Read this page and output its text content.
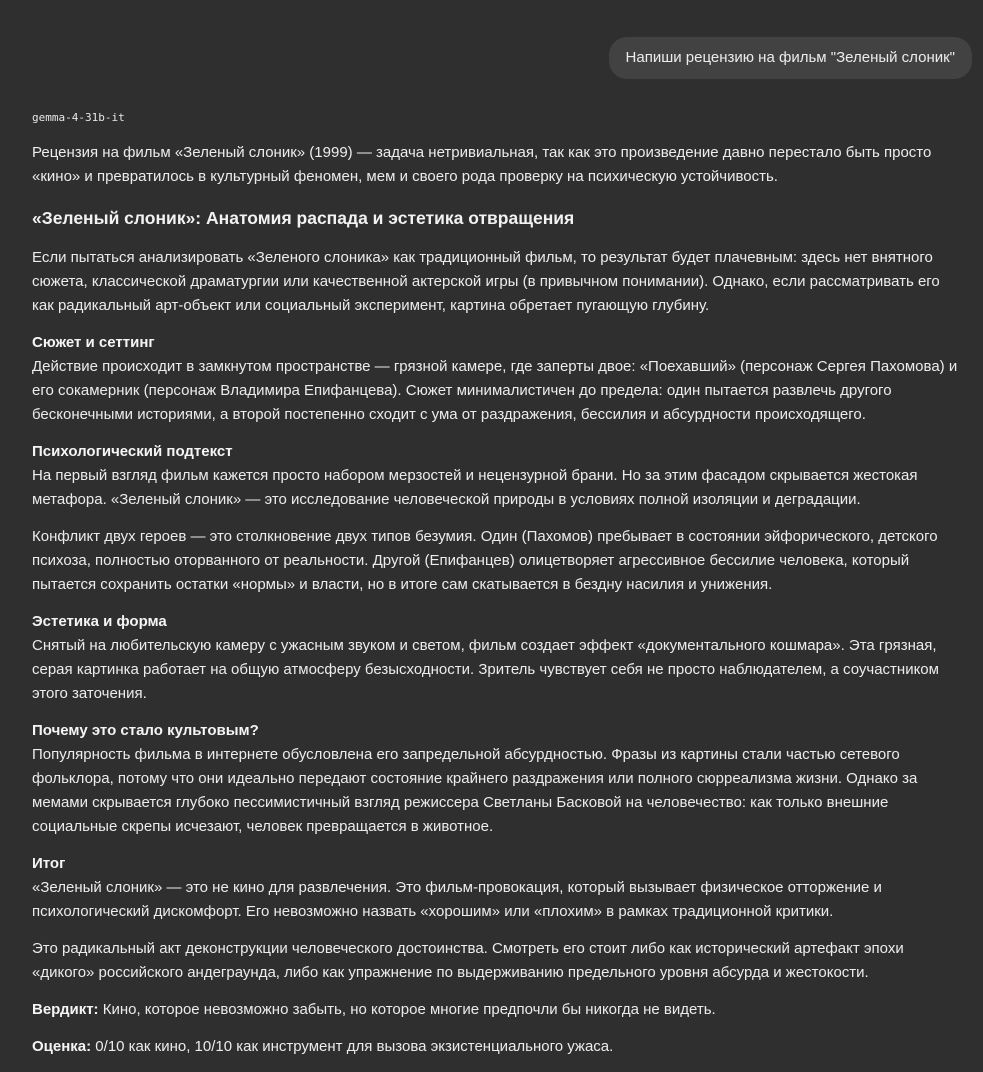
Напиши рецензию на фильм "Зеленый слоник"
gemma-4-31b-it

Рецензия на фильм «Зеленый слоник» (1999) — задача нетривиальная, так как это произведение давно перестало быть просто «кино» и превратилось в культурный феномен, мем и своего рода проверку на психическую устойчивость.

«Зеленый слоник»: Анатомия распада и эстетика отвращения

Если пытаться анализировать «Зеленого слоника» как традиционный фильм, то результат будет плачевным: здесь нет внятного сюжета, классической драматургии или качественной актерской игры (в привычном понимании). Однако, если рассматривать его как радикальный арт-объект или социальный эксперимент, картина обретает пугающую глубину.

Сюжет и сеттинг
Действие происходит в замкнутом пространстве — грязной камере, где заперты двое: «Поехавший» (персонаж Сергея Пахомова) и его сокамерник (персонаж Владимира Епифанцева). Сюжет минималистичен до предела: один пытается развлечь другого бесконечными историями, а второй постепенно сходит с ума от раздражения, бессилия и абсурдности происходящего.

Психологический подтекст
На первый взгляд фильм кажется просто набором мерзостей и нецензурной брани. Но за этим фасадом скрывается жестокая метафора. «Зеленый слоник» — это исследование человеческой природы в условиях полной изоляции и деградации.

Конфликт двух героев — это столкновение двух типов безумия. Один (Пахомов) пребывает в состоянии эйфорического, детского психоза, полностью оторванного от реальности. Другой (Епифанцев) олицетворяет агрессивное бессилие человека, который пытается сохранить остатки «нормы» и власти, но в итоге сам скатывается в бездну насилия и унижения.

Эстетика и форма
Снятый на любительскую камеру с ужасным звуком и светом, фильм создает эффект «документального кошмара». Эта грязная, серая картинка работает на общую атмосферу безысходности. Зритель чувствует себя не просто наблюдателем, а соучастником этого заточения.

Почему это стало культовым?
Популярность фильма в интернете обусловлена его запредельной абсурдностью. Фразы из картины стали частью сетевого фольклора, потому что они идеально передают состояние крайнего раздражения или полного сюрреализма жизни. Однако за мемами скрывается глубоко пессимистичный взгляд режиссера Светланы Басковой на человечество: как только внешние социальные скрепы исчезают, человек превращается в животное.

Итог
«Зеленый слоник» — это не кино для развлечения. Это фильм-провокация, который вызывает физическое отторжение и психологический дискомфорт. Его невозможно назвать «хорошим» или «плохим» в рамках традиционной критики.

Это радикальный акт деконструкции человеческого достоинства. Смотреть его стоит либо как исторический артефакт эпохи «дикого» российского андеграунда, либо как упражнение по выдерживанию предельного уровня абсурда и жестокости.

Вердикт: Кино, которое невозможно забыть, но которое многие предпочли бы никогда не видеть.

Оценка: 0/10 как кино, 10/10 как инструмент для вызова экзистенциального ужаса.
